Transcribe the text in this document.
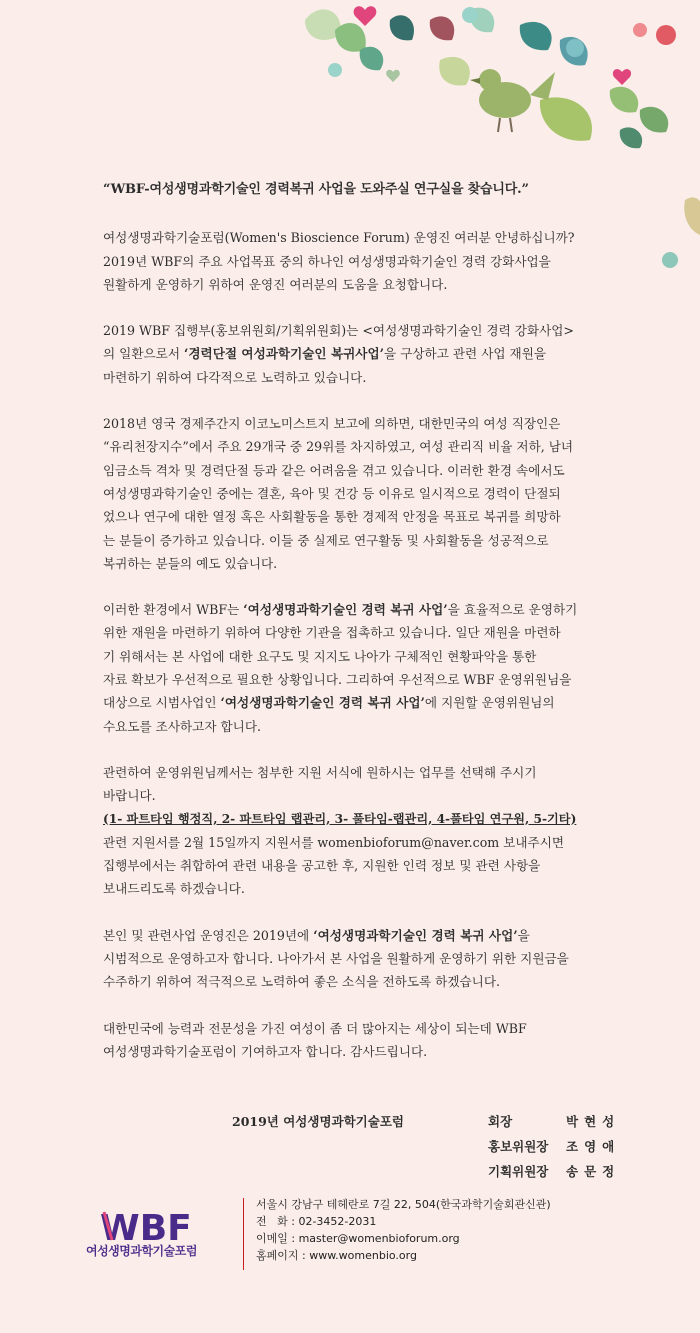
“WBF-여성생명과학기술인 경력복귀 사업을 도와주실 연구실을 찾습니다.”

여성생명과학기술포럼(Women's Bioscience Forum) 운영진 여러분 안녕하십니까?

2019년 WBF의 주요 사업목표 중의 하나인 여성생명과학기술인 경력 강화사업을

원활하게 운영하기 위하여 운영진 여러분의 도움을 요청합니다.

2019 WBF 집행부(홍보위원회/기획위원회)는 <여성생명과학기술인 경력 강화사업>

의 일환으로서 ‘경력단절 여성과학기술인 복귀사업’을 구상하고 관련 사업 재원을

마련하기 위하여 다각적으로 노력하고 있습니다.

2018년 영국 경제주간지 이코노미스트지 보고에 의하면, 대한민국의 여성 직장인은

“유리천장지수”에서 주요 29개국 중 29위를 차지하였고, 여성 관리직 비율 저하, 남녀

임금소득 격차 및 경력단절 등과 같은 어려움을 겪고 있습니다. 이러한 환경 속에서도

여성생명과학기술인 중에는 결혼, 육아 및 건강 등 이유로 일시적으로 경력이 단절되

었으나 연구에 대한 열정 혹은 사회활동을 통한 경제적 안정을 목표로 복귀를 희망하

는 분들이 증가하고 있습니다. 이들 중 실제로 연구활동 및 사회활동을 성공적으로

복귀하는 분들의 예도 있습니다.

이러한 환경에서 WBF는 ‘여성생명과학기술인 경력 복귀 사업’을 효율적으로 운영하기

위한 재원을 마련하기 위하여 다양한 기관을 접촉하고 있습니다. 일단 재원을 마련하

기 위해서는 본 사업에 대한 요구도 및 지지도 나아가 구체적인 현황파악을 통한

자료 확보가 우선적으로 필요한 상황입니다. 그리하여 우선적으로 WBF 운영위원님을

대상으로 시범사업인 ‘여성생명과학기술인 경력 복귀 사업’에 지원할 운영위원님의

수요도를 조사하고자 합니다.

관련하여 운영위원님께서는 첨부한 지원 서식에 원하시는 업무를 선택해 주시기

바랍니다.

(1- 파트타임 행정직, 2- 파트타임 랩관리, 3- 풀타임-랩관리, 4-풀타임 연구원, 5-기타)

관련 지원서를 2월 15일까지 지원서를 womenbioforum@naver.com 보내주시면

집행부에서는 취합하여 관련 내용을 공고한 후, 지원한 인력 정보 및 관련 사항을

보내드리도록 하겠습니다.

본인 및 관련사업 운영진은 2019년에 ‘여성생명과학기술인 경력 복귀 사업’을

시범적으로 운영하고자 합니다. 나아가서 본 사업을 원활하게 운영하기 위한 지원금을

수주하기 위하여 적극적으로 노력하여 좋은 소식을 전하도록 하겠습니다.

대한민국에 능력과 전문성을 가진 여성이 좀 더 많아지는 세상이 되는데 WBF

여성생명과학기술포럼이 기여하고자 합니다. 감사드립니다.

2019년 여성생명과학기술포럼	회장	박현성
홍보위원장 조영애
기획위원장 송문정
WBF
여성생명과학기술포럼
서울시 강남구 테헤란로 7길 22, 504(한국과학기술회관신관)
전   화 : 02-3452-2031
이메일 : master@womenbioforum.org
홈페이지 : www.womenbio.org
